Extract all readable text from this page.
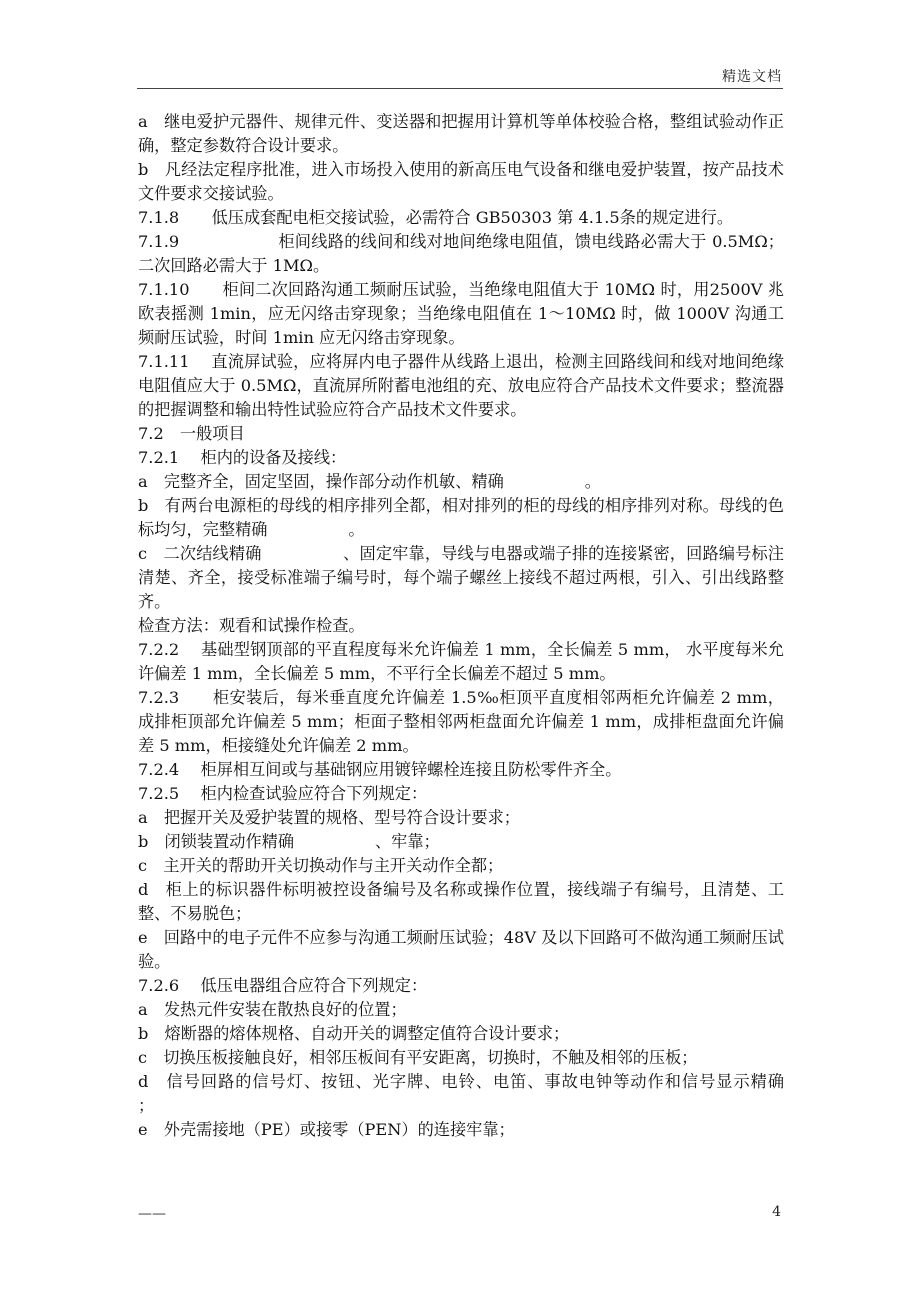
精选文档

a　继电爱护元器件、规律元件、变送器和把握用计算机等单体校验合格，整组试验动作正确，整定参数符合设计要求。

b　凡经法定程序批准，进入市场投入使用的新高压电气设备和继电爱护装置，按产品技术文件要求交接试验。

7.1.8　　低压成套配电柜交接试验，必需符合 GB50303 第 4.1.5条的规定进行。

7.1.9　　　　　　柜间线路的线间和线对地间绝缘电阻值，馈电线路必需大于 0.5MΩ；二次回路必需大于 1MΩ。

7.1.10　　柜间二次回路沟通工频耐压试验，当绝缘电阻值大于 10MΩ 时，用2500V 兆欧表摇测 1min，应无闪络击穿现象；当绝缘电阻值在 1～10MΩ 时，做 1000V 沟通工频耐压试验，时间 1min 应无闪络击穿现象。

7.1.11　 直流屏试验，应将屏内电子器件从线路上退出，检测主回路线间和线对地间绝缘电阻值应大于 0.5MΩ，直流屏所附蓄电池组的充、放电应符合产品技术文件要求；整流器的把握调整和输出特性试验应符合产品技术文件要求。

7.2　一般项目

7.2.1　 柜内的设备及接线：

a　完整齐全，固定坚固，操作部分动作机敏、精确　　　　　。

b　有两台电源柜的母线的相序排列全都，相对排列的柜的母线的相序排列对称。母线的色标均匀，完整精确　　　　　。

c　二次结线精确　　　　　、固定牢靠，导线与电器或端子排的连接紧密，回路编号标注清楚、齐全，接受标准端子编号时，每个端子螺丝上接线不超过两根，引入、引出线路整齐。

检查方法：观看和试操作检查。

7.2.2　 基础型钢顶部的平直程度每米允许偏差 1 mm，全长偏差 5 mm， 水平度每米允许偏差 1 mm，全长偏差 5 mm，不平行全长偏差不超过 5 mm。

7.2.3　　柜安装后，每米垂直度允许偏差 1.5‰柜顶平直度相邻两柜允许偏差 2 mm，成排柜顶部允许偏差 5 mm；柜面子整相邻两柜盘面允许偏差 1 mm，成排柜盘面允许偏差 5 mm，柜接缝处允许偏差 2 mm。

7.2.4　 柜屏相互间或与基础钢应用镀锌螺栓连接且防松零件齐全。

7.2.5　 柜内检查试验应符合下列规定：

a　把握开关及爱护装置的规格、型号符合设计要求；

b　闭锁装置动作精确　　　　　、牢靠；

c　主开关的帮助开关切换动作与主开关动作全都；

d　柜上的标识器件标明被控设备编号及名称或操作位置，接线端子有编号，且清楚、工整、不易脱色；

e　回路中的电子元件不应参与沟通工频耐压试验；48V 及以下回路可不做沟通工频耐压试验。

7.2.6　 低压电器组合应符合下列规定：

a　发热元件安装在散热良好的位置；

b　熔断器的熔体规格、自动开关的调整定值符合设计要求；

c　切换压板接触良好，相邻压板间有平安距离，切换时，不触及相邻的压板；

d　信号回路的信号灯、按钮、光字牌、电铃、电笛、事故电钟等动作和信号显示精确　　　　　；

e　外壳需接地（PE）或接零（PEN）的连接牢靠；

——	4
